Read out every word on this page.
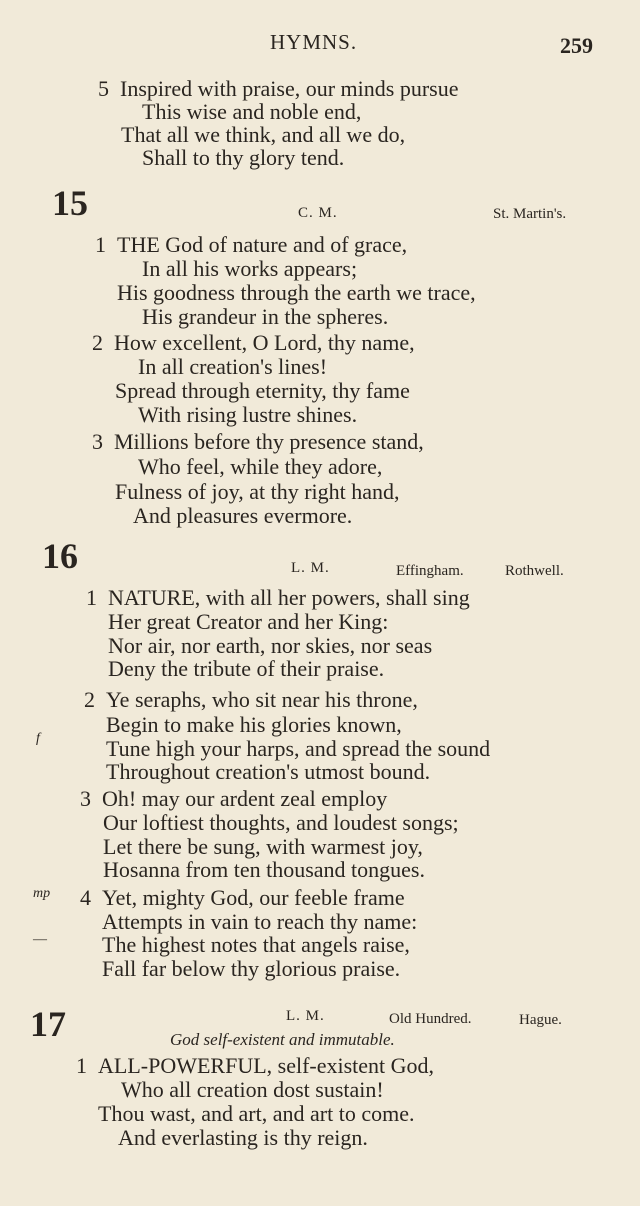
HYMNS.	259
5 Inspired with praise, our minds pursue
This wise and noble end,
That all we think, and all we do,
Shall to thy glory tend.
15	C. M.	St. Martin's.
1 THE God of nature and of grace,
In all his works appears;
His goodness through the earth we trace,
His grandeur in the spheres.
2 How excellent, O Lord, thy name,
In all creation's lines!
Spread through eternity, thy fame
With rising lustre shines.
3 Millions before thy presence stand,
Who feel, while they adore,
Fulness of joy, at thy right hand,
And pleasures evermore.
16	L. M.	Effingham.	Rothwell.
1 NATURE, with all her powers, shall sing
Her great Creator and her King:
Nor air, nor earth, nor skies, nor seas
Deny the tribute of their praise.
2 Ye seraphs, who sit near his throne,
Begin to make his glories known,
f	Tune high your harps, and spread the sound
Throughout creation's utmost bound.
3 Oh! may our ardent zeal employ
Our loftiest thoughts, and loudest songs;
Let there be sung, with warmest joy,
Hosanna from ten thousand tongues.
mp 4 Yet, mighty God, our feeble frame
Attempts in vain to reach thy name:
—	The highest notes that angels raise,
Fall far below thy glorious praise.
17	L. M.	Old Hundred.	Hague.
God self-existent and immutable.
1 ALL-POWERFUL, self-existent God,
Who all creation dost sustain!
Thou wast, and art, and art to come.
And everlasting is thy reign.
